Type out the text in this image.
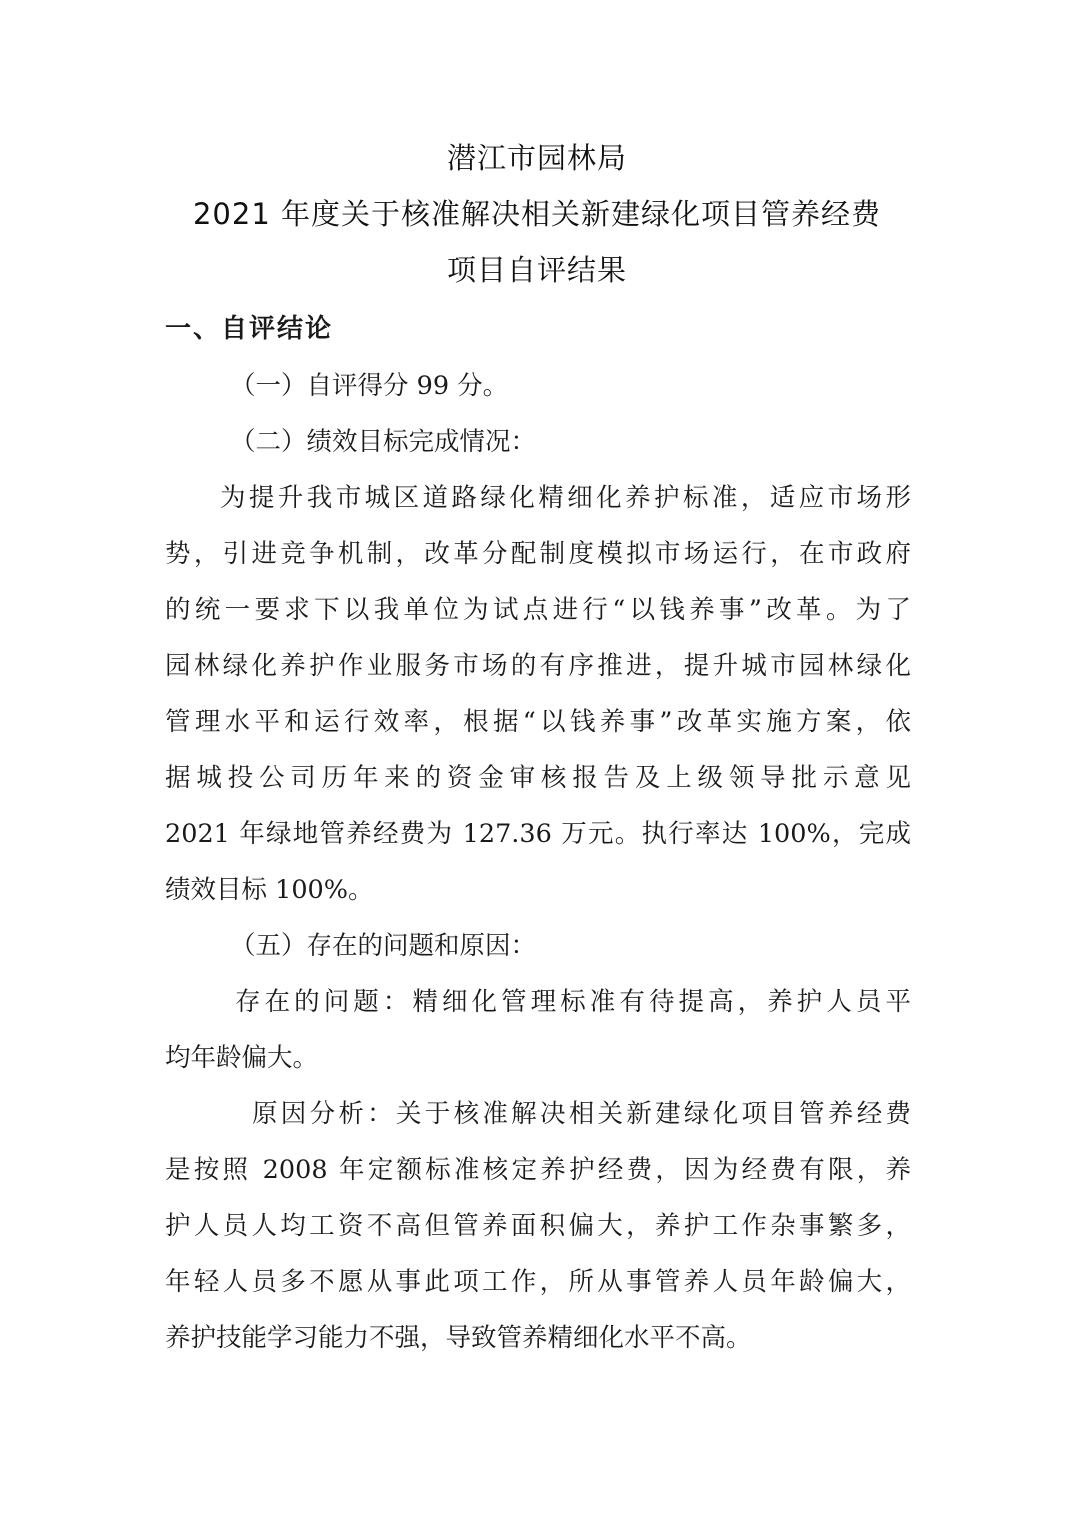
潜江市园林局
2021 年度关于核准解决相关新建绿化项目管养经费
项目自评结果
一、自评结论
（一）自评得分 99 分。
（二）绩效目标完成情况：
为提升我市城区道路绿化精细化养护标准，适应市场形
势，引进竞争机制，改革分配制度模拟市场运行，在市政府
的统一要求下以我单位为试点进行“以钱养事”改革。为了
园林绿化养护作业服务市场的有序推进，提升城市园林绿化
管理水平和运行效率，根据“以钱养事”改革实施方案，依
据城投公司历年来的资金审核报告及上级领导批示意见
2021 年绿地管养经费为 127.36 万元。执行率达 100%，完成
绩效目标 100%。
（五）存在的问题和原因：
存在的问题：精细化管理标准有待提高，养护人员平
均年龄偏大。
原因分析：关于核准解决相关新建绿化项目管养经费
是按照 2008 年定额标准核定养护经费，因为经费有限，养
护人员人均工资不高但管养面积偏大，养护工作杂事繁多，
年轻人员多不愿从事此项工作，所从事管养人员年龄偏大，
养护技能学习能力不强，导致管养精细化水平不高。
